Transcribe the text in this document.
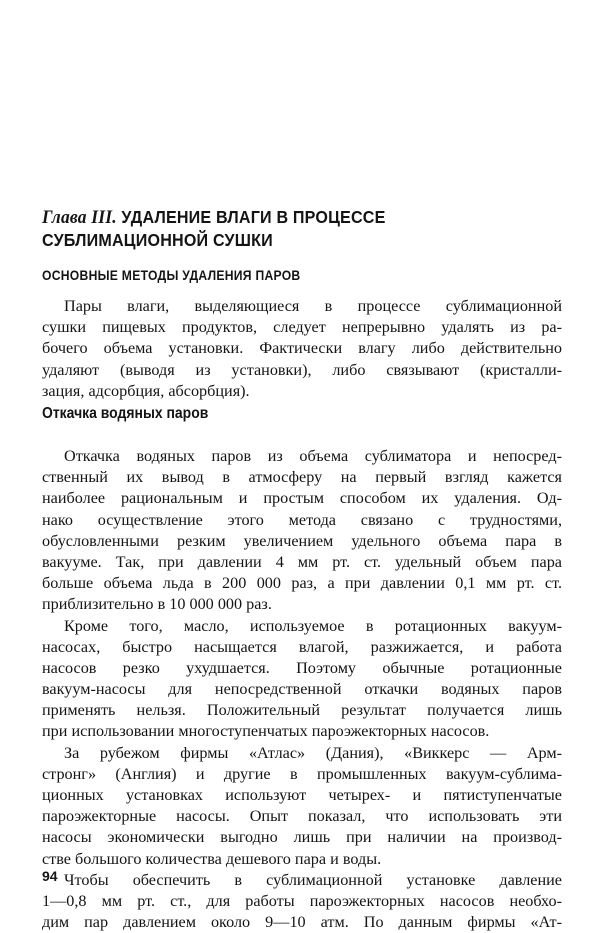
Глава III. УДАЛЕНИЕ ВЛАГИ В ПРОЦЕССЕ
СУБЛИМАЦИОННОЙ СУШКИ
ОСНОВНЫЕ МЕТОДЫ УДАЛЕНИЯ ПАРОВ
Пары влаги, выделяющиеся в процессе сублимационной
сушки пищевых продуктов, следует непрерывно удалять из ра-
бочего объема установки. Фактически влагу либо действительно
удаляют (выводя из установки), либо связывают (кристалли-
зация, адсорбция, абсорбция).
Откачка водяных паров
Откачка водяных паров из объема сублиматора и непосред-
ственный их вывод в атмосферу на первый взгляд кажется
наиболее рациональным и простым способом их удаления. Од-
нако осуществление этого метода связано с трудностями,
обусловленными резким увеличением удельного объема пара в
вакууме. Так, при давлении 4 мм рт. ст. удельный объем пара
больше объема льда в 200 000 раз, а при давлении 0,1 мм рт. ст.
приблизительно в 10 000 000 раз.
Кроме того, масло, используемое в ротационных вакуум-
насосах, быстро насыщается влагой, разжижается, и работа
насосов резко ухудшается. Поэтому обычные ротационные
вакуум-насосы для непосредственной откачки водяных паров
применять нельзя. Положительный результат получается лишь
при использовании многоступенчатых пароэжекторных насосов.
За рубежом фирмы «Атлас» (Дания), «Виккерс — Арм-
стронг» (Англия) и другие в промышленных вакуум-сублима-
ционных установках используют четырех- и пятиступенчатые
пароэжекторные насосы. Опыт показал, что использовать эти
насосы экономически выгодно лишь при наличии на производ-
стве большого количества дешевого пара и воды.
Чтобы обеспечить в сублимационной установке давление
1—0,8 мм рт. ст., для работы пароэжекторных насосов необхо-
дим пар давлением около 9—10 атм. По данным фирмы «Ат-
94
